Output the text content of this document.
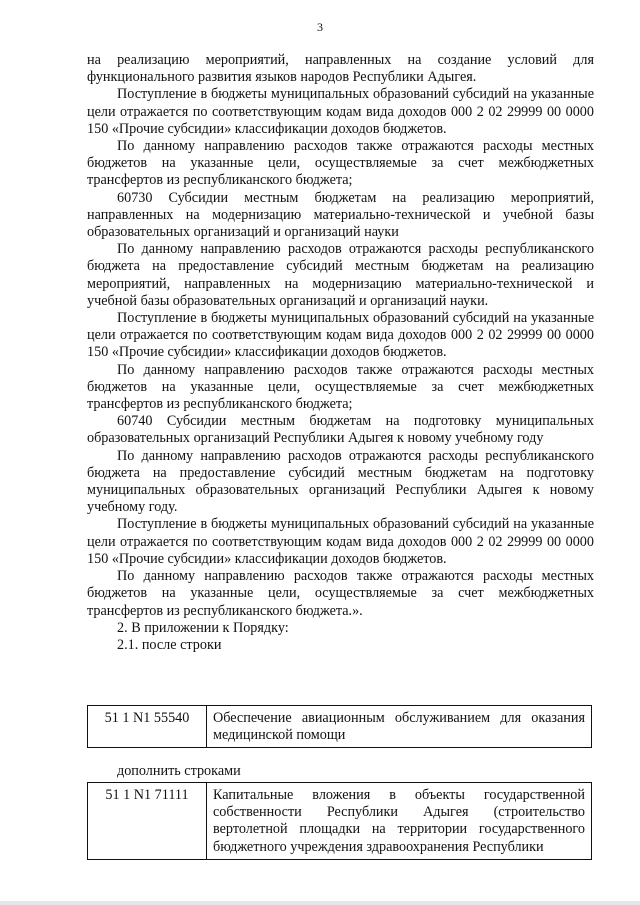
3

на реализацию мероприятий, направленных на создание условий для функционального развития языков народов Республики Адыгея.

Поступление в бюджеты муниципальных образований субсидий на указанные цели отражается по соответствующим кодам вида доходов 000 2 02 29999 00 0000 150 «Прочие субсидии» классификации доходов бюджетов.

По данному направлению расходов также отражаются расходы местных бюджетов на указанные цели, осуществляемые за счет межбюджетных трансфертов из республиканского бюджета;

60730 Субсидии местным бюджетам на реализацию мероприятий, направленных на модернизацию материально-технической и учебной базы образовательных организаций и организаций науки

По данному направлению расходов отражаются расходы республиканского бюджета на предоставление субсидий местным бюджетам на реализацию мероприятий, направленных на модернизацию материально-технической и учебной базы образовательных организаций и организаций науки.

Поступление в бюджеты муниципальных образований субсидий на указанные цели отражается по соответствующим кодам вида доходов 000 2 02 29999 00 0000 150 «Прочие субсидии» классификации доходов бюджетов.

По данному направлению расходов также отражаются расходы местных бюджетов на указанные цели, осуществляемые за счет межбюджетных трансфертов из республиканского бюджета;

60740 Субсидии местным бюджетам на подготовку муниципальных образовательных организаций Республики Адыгея к новому учебному году

По данному направлению расходов отражаются расходы республиканского бюджета на предоставление субсидий местным бюджетам на подготовку муниципальных образовательных организаций Республики Адыгея к новому учебному году.

Поступление в бюджеты муниципальных образований субсидий на указанные цели отражается по соответствующим кодам вида доходов 000 2 02 29999 00 0000 150 «Прочие субсидии» классификации доходов бюджетов.

По данному направлению расходов также отражаются расходы местных бюджетов на указанные цели, осуществляемые за счет межбюджетных трансфертов из республиканского бюджета.».

2. В приложении к Порядку:

2.1. после строки

51 1 N1 55540	Обеспечение авиационным обслуживанием для оказания медицинской помощи
дополнить строками
51 1 N1 71111	Капитальные вложения в объекты государственной собственности Республики Адыгея (строительство вертолетной площадки на территории государственного бюджетного учреждения здравоохранения Республики
